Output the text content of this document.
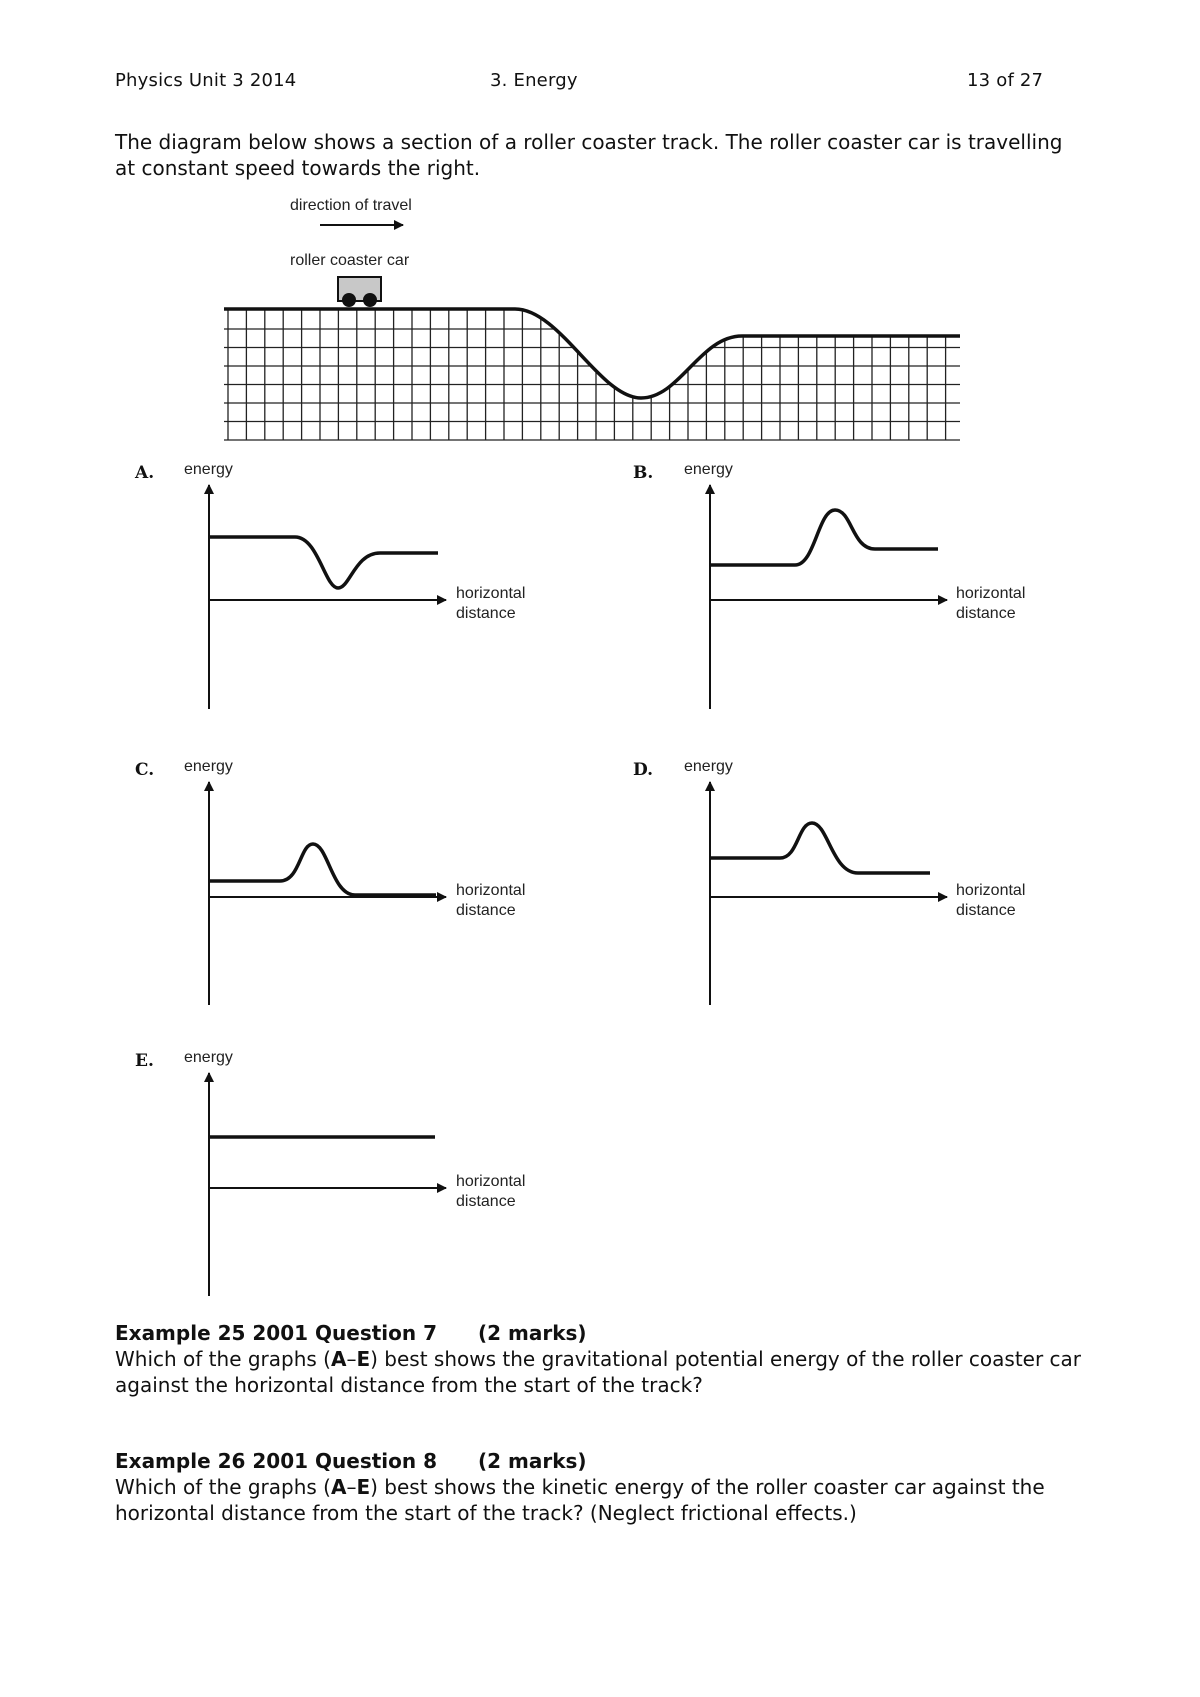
Physics Unit 3 2014	3. Energy	13 of 27
The diagram below shows a section of a roller coaster track. The roller coaster car is travelling at constant speed towards the right.
direction of travel
roller coaster car
A. energy
horizontal
distance
B. energy
horizontal
distance
C. energy
horizontal
distance
D. energy
horizontal
distance
E. energy
horizontal
distance
Example 25 2001 Question 7 (2 marks)
Which of the graphs (A–E) best shows the gravitational potential energy of the roller coaster car against the horizontal distance from the start of the track?
Example 26 2001 Question 8 (2 marks)
Which of the graphs (A–E) best shows the kinetic energy of the roller coaster car against the horizontal distance from the start of the track? (Neglect frictional effects.)
